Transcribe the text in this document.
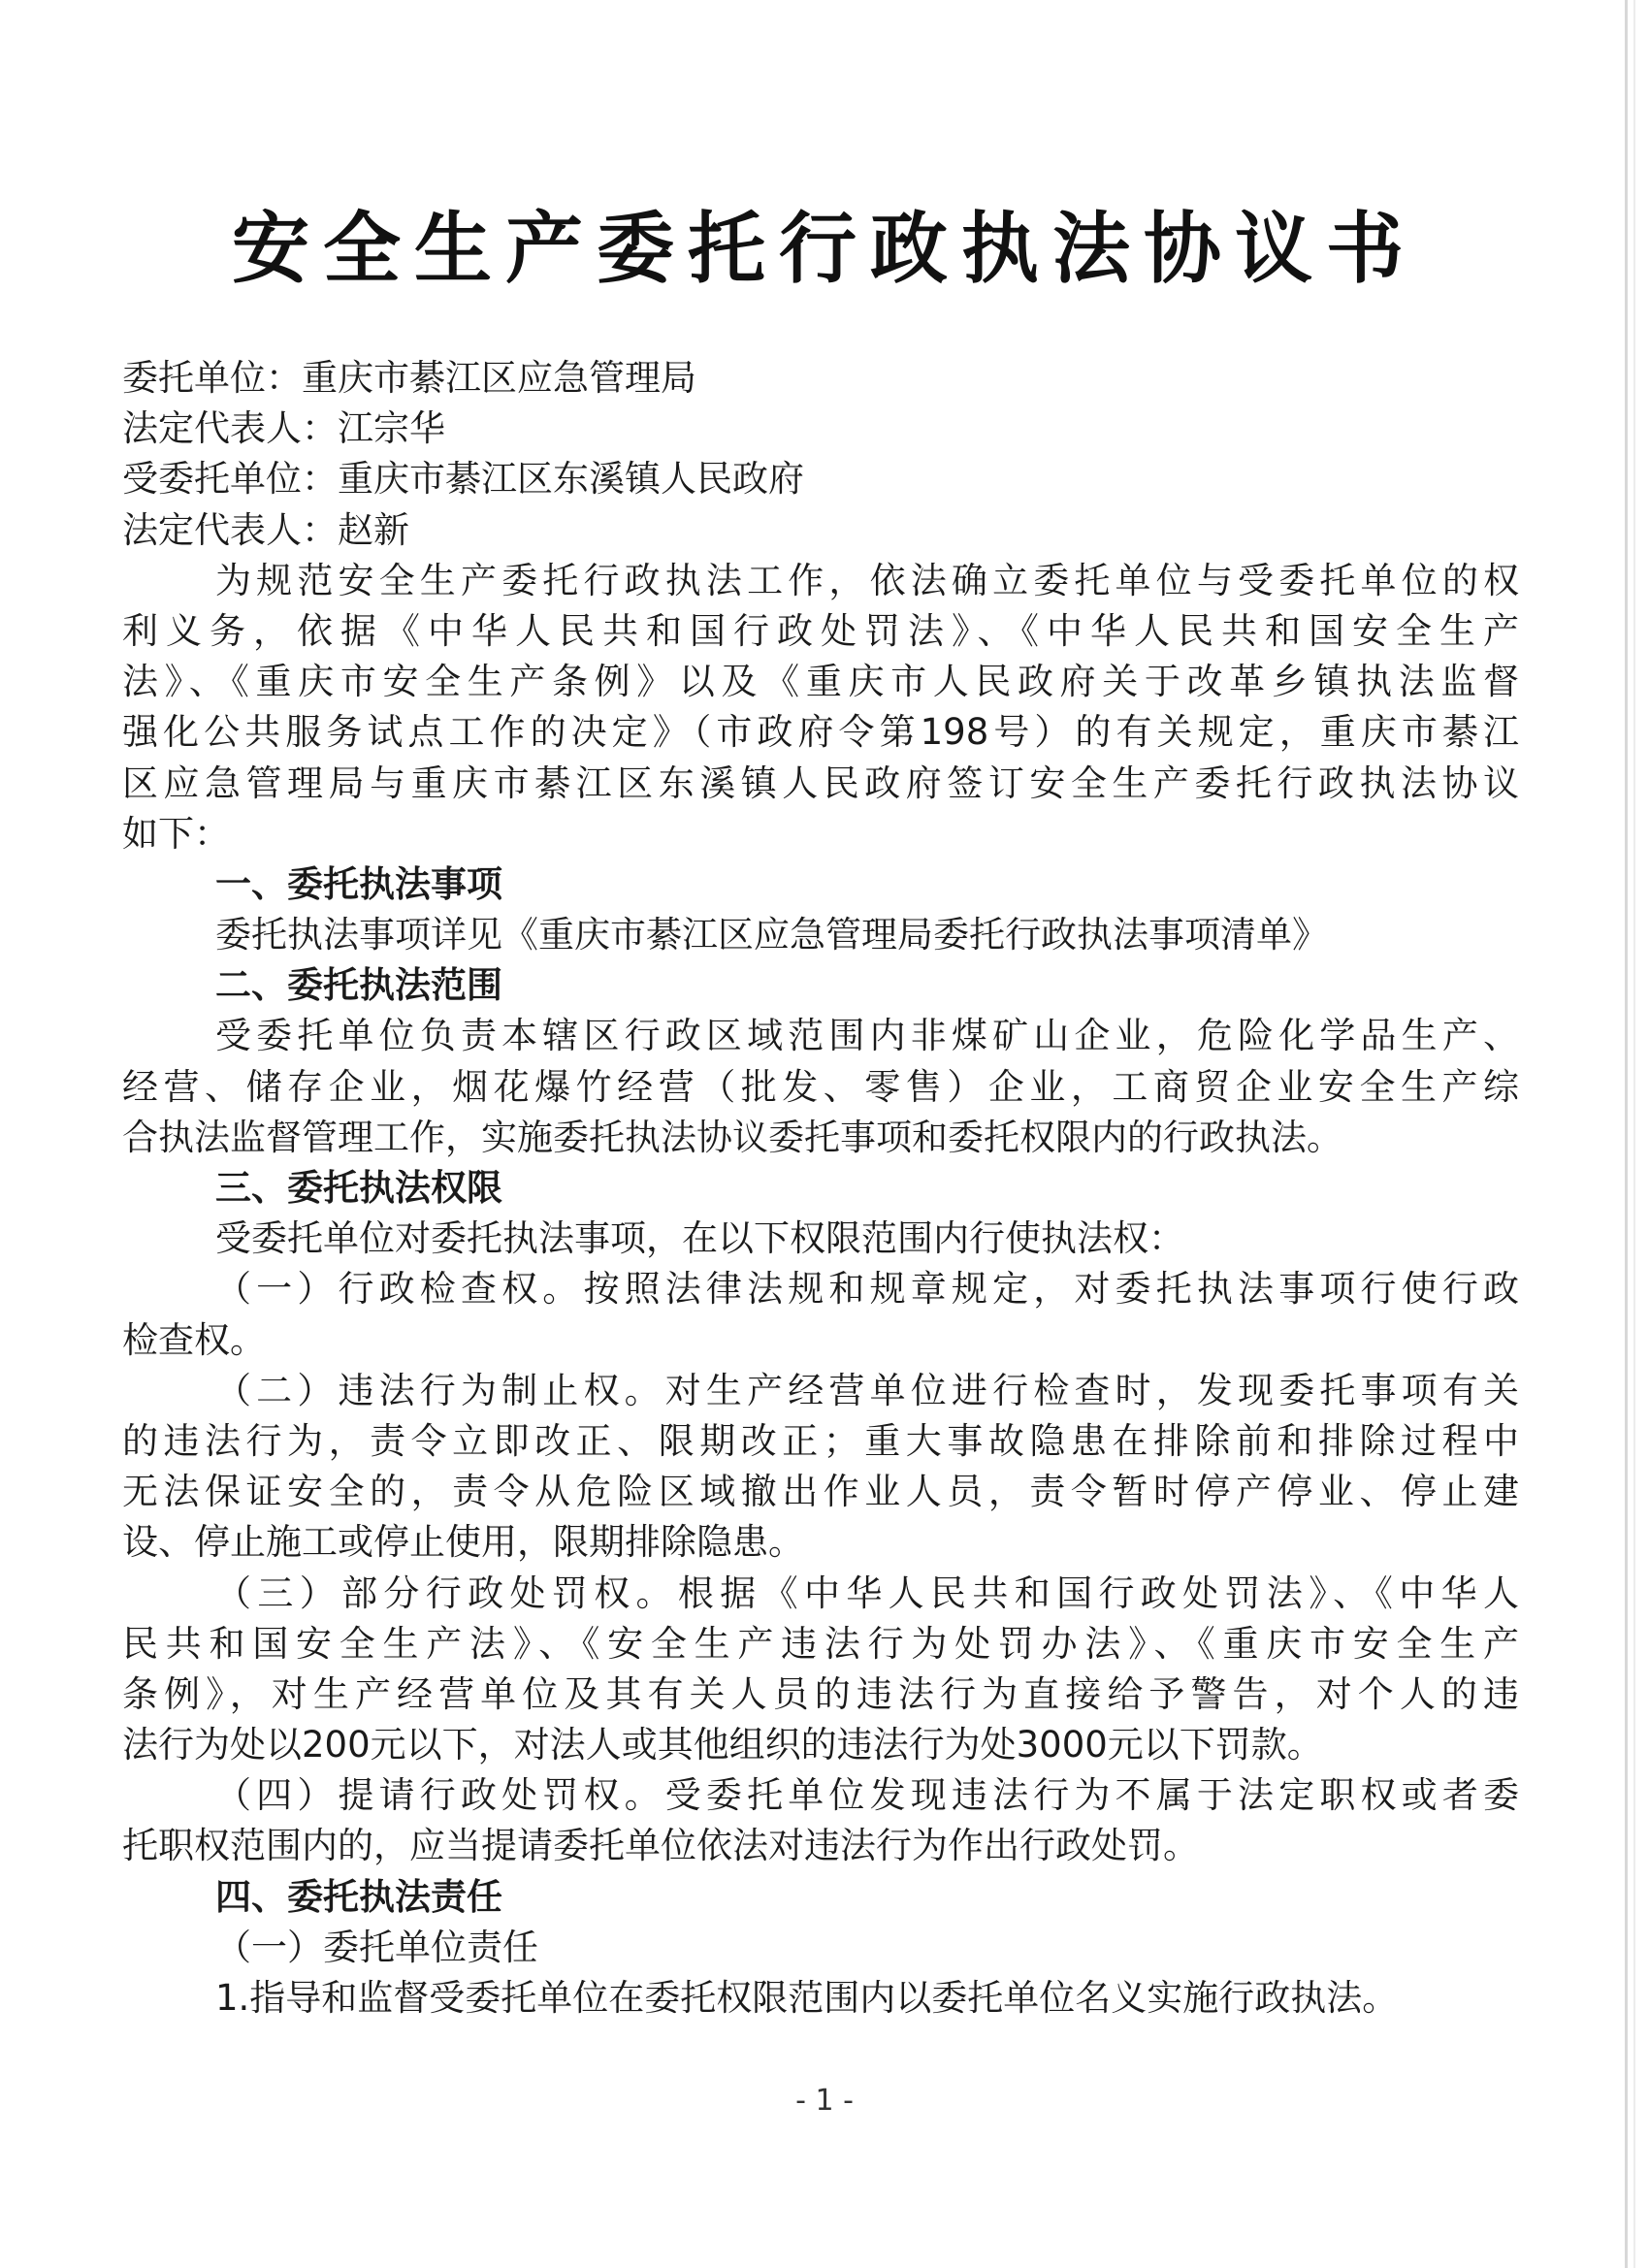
安全生产委托行政执法协议书
委托单位：重庆市綦江区应急管理局
法定代表人：江宗华
受委托单位：重庆市綦江区东溪镇人民政府
法定代表人：赵新
为规范安全生产委托行政执法工作，依法确立委托单位与受委托单位的权
利义务，依据《中华人民共和国行政处罚法》、《中华人民共和国安全生产
法》、《重庆市安全生产条例》以及《重庆市人民政府关于改革乡镇执法监督
强化公共服务试点工作的决定》（市政府令第198号）的有关规定，重庆市綦江
区应急管理局与重庆市綦江区东溪镇人民政府签订安全生产委托行政执法协议
如下：
一、委托执法事项
委托执法事项详见《重庆市綦江区应急管理局委托行政执法事项清单》
二、委托执法范围
受委托单位负责本辖区行政区域范围内非煤矿山企业，危险化学品生产、
经营、储存企业，烟花爆竹经营（批发、零售）企业，工商贸企业安全生产综
合执法监督管理工作，实施委托执法协议委托事项和委托权限内的行政执法。
三、委托执法权限
受委托单位对委托执法事项，在以下权限范围内行使执法权：
（一）行政检查权。按照法律法规和规章规定，对委托执法事项行使行政
检查权。
（二）违法行为制止权。对生产经营单位进行检查时，发现委托事项有关
的违法行为，责令立即改正、限期改正；重大事故隐患在排除前和排除过程中
无法保证安全的，责令从危险区域撤出作业人员，责令暂时停产停业、停止建
设、停止施工或停止使用，限期排除隐患。
（三）部分行政处罚权。根据《中华人民共和国行政处罚法》、《中华人
民共和国安全生产法》、《安全生产违法行为处罚办法》、《重庆市安全生产
条例》，对生产经营单位及其有关人员的违法行为直接给予警告，对个人的违
法行为处以200元以下，对法人或其他组织的违法行为处3000元以下罚款。
（四）提请行政处罚权。受委托单位发现违法行为不属于法定职权或者委
托职权范围内的，应当提请委托单位依法对违法行为作出行政处罚。
四、委托执法责任
（一）委托单位责任
1.指导和监督受委托单位在委托权限范围内以委托单位名义实施行政执法。
- 1 -
